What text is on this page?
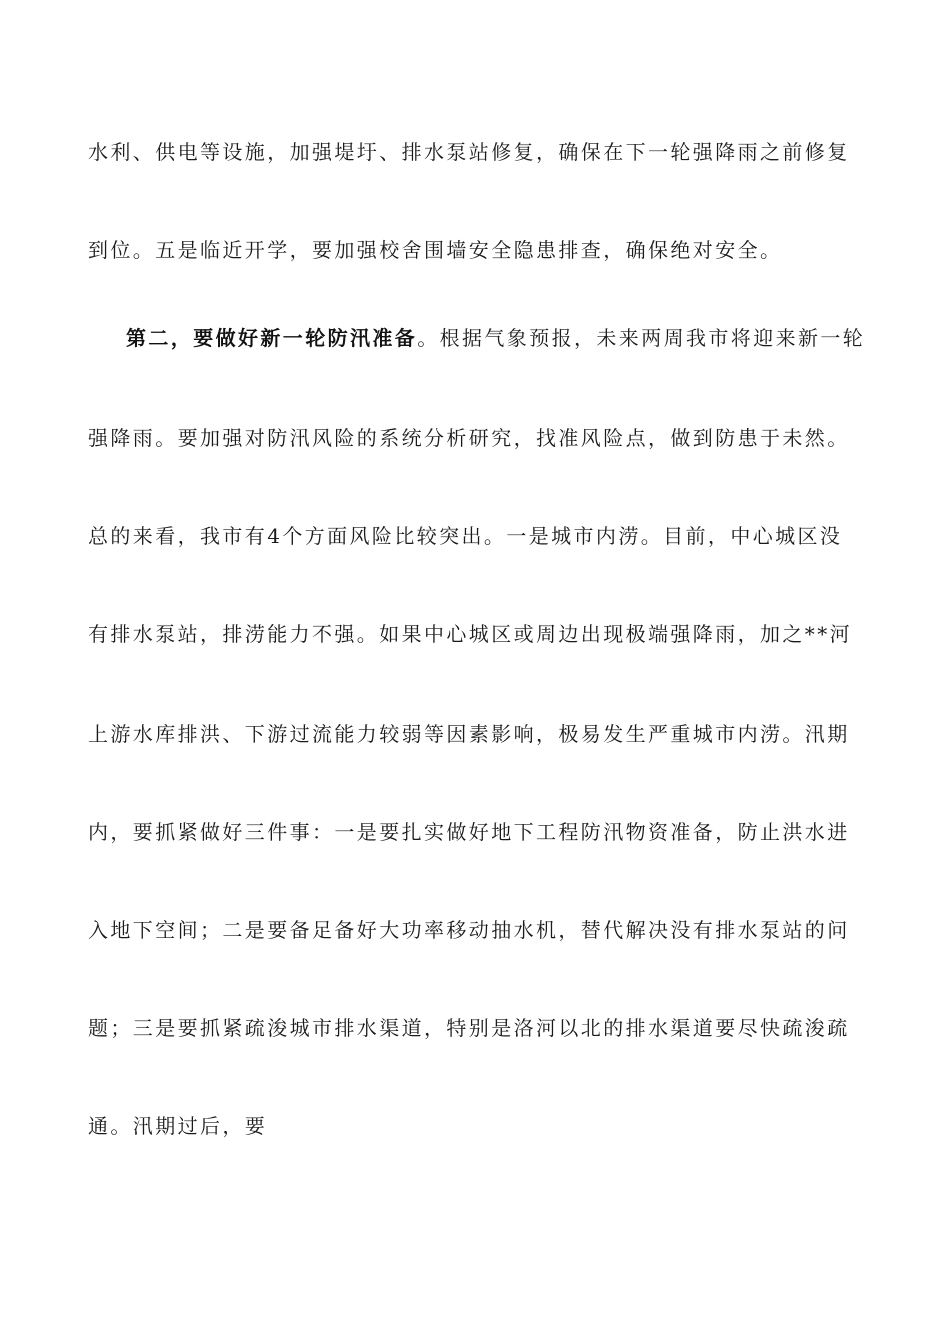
水利、供电等设施，加强堤圩、排水泵站修复，确保在下一轮强降雨之前修复
到位。五是临近开学，要加强校舍围墙安全隐患排查，确保绝对安全。
第二，要做好新一轮防汛准备。根据气象预报，未来两周我市将迎来新一轮
强降雨。要加强对防汛风险的系统分析研究，找准风险点，做到防患于未然。
总的来看，我市有4个方面风险比较突出。一是城市内涝。目前，中心城区没
有排水泵站，排涝能力不强。如果中心城区或周边出现极端强降雨，加之**河
上游水库排洪、下游过流能力较弱等因素影响，极易发生严重城市内涝。汛期
内，要抓紧做好三件事：一是要扎实做好地下工程防汛物资准备，防止洪水进
入地下空间；二是要备足备好大功率移动抽水机，替代解决没有排水泵站的问
题；三是要抓紧疏浚城市排水渠道，特别是洛河以北的排水渠道要尽快疏浚疏
通。汛期过后，要
